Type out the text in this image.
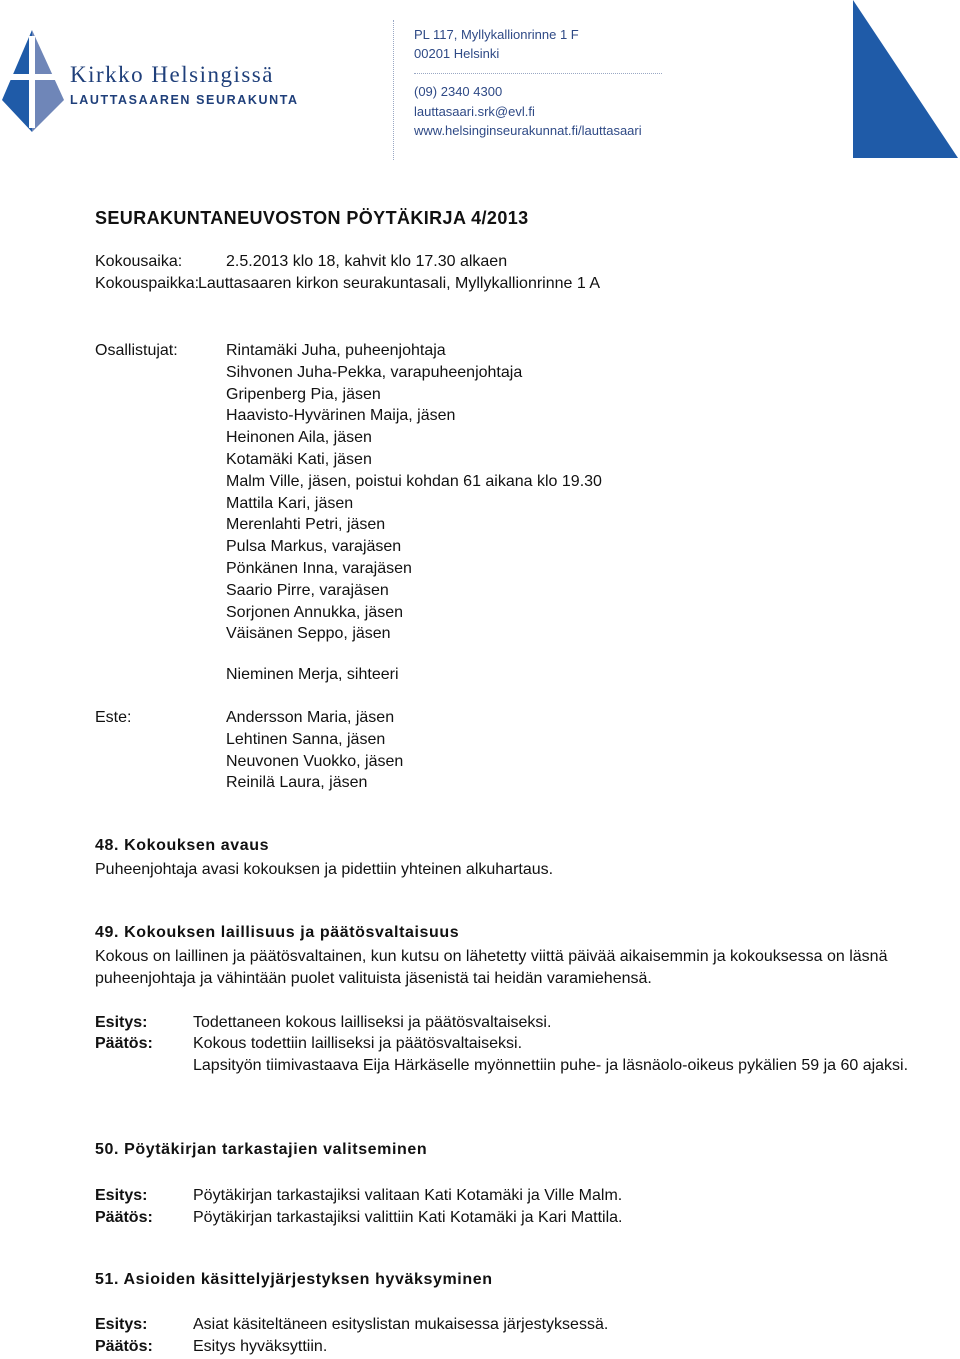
Kirkko Helsingissä
LAUTTASAAREN SEURAKUNTA
PL 117, Myllykallionrinne 1 F
00201 Helsinki
(09) 2340 4300
lauttasaari.srk@evl.fi
www.helsinginseurakunnat.fi/lauttasaari
SEURAKUNTANEUVOSTON PÖYTÄKIRJA 4/2013
Kokousaika:	2.5.2013 klo 18, kahvit klo 17.30 alkaen
Kokouspaikka:
Lauttasaaren kirkon seurakuntasali, Myllykallionrinne 1 A
Osallistujat:	Rintamäki Juha, puheenjohtaja
Sihvonen Juha-Pekka, varapuheenjohtaja
Gripenberg Pia, jäsen
Haavisto-Hyvärinen Maija, jäsen
Heinonen Aila, jäsen
Kotamäki Kati, jäsen
Malm Ville, jäsen, poistui kohdan 61 aikana klo 19.30
Mattila Kari, jäsen
Merenlahti Petri, jäsen
Pulsa Markus, varajäsen
Pönkänen Inna, varajäsen
Saario Pirre, varajäsen
Sorjonen Annukka, jäsen
Väisänen Seppo, jäsen
Nieminen Merja, sihteeri
Este:	Andersson Maria, jäsen
Lehtinen Sanna, jäsen
Neuvonen Vuokko, jäsen
Reinilä Laura, jäsen
48. Kokouksen avaus
Puheenjohtaja avasi kokouksen ja pidettiin yhteinen alkuhartaus.
49. Kokouksen laillisuus ja päätösvaltaisuus
Kokous on laillinen ja päätösvaltainen, kun kutsu on lähetetty viittä päivää aikaisemmin ja kokouksessa on läsnä puheenjohtaja ja vähintään puolet valituista jäsenistä tai heidän varamiehensä.
Esitys:	Todettaneen kokous lailliseksi ja päätösvaltaiseksi.
Päätös:	Kokous todettiin lailliseksi ja päätösvaltaiseksi.
Lapsityön tiimivastaava Eija Härkäselle myönnettiin puhe- ja läsnäolo-oikeus pykälien 59 ja 60 ajaksi.
50. Pöytäkirjan tarkastajien valitseminen
Esitys:	Pöytäkirjan tarkastajiksi valitaan Kati Kotamäki ja Ville Malm.
Päätös:	Pöytäkirjan tarkastajiksi valittiin Kati Kotamäki ja Kari Mattila.
51. Asioiden käsittelyjärjestyksen hyväksyminen
Esitys:	Asiat käsiteltäneen esityslistan mukaisessa järjestyksessä.
Päätös:	Esitys hyväksyttiin.
